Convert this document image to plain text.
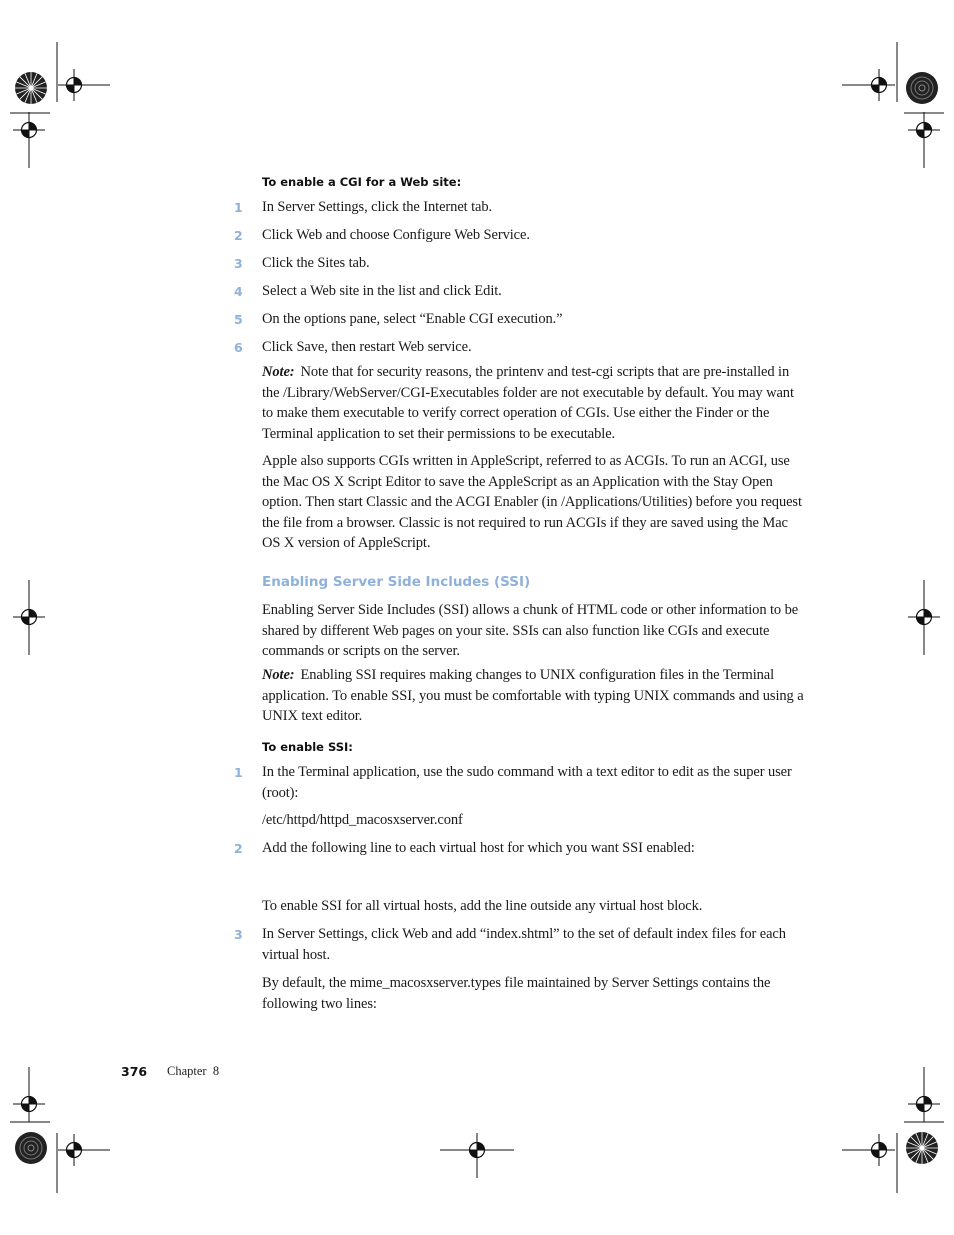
To enable a CGI for a Web site:
1	In Server Settings, click the Internet tab.
2	Click Web and choose Configure Web Service.
3	Click the Sites tab.
4	Select a Web site in the list and click Edit.
5	On the options pane, select “Enable CGI execution.”
6	Click Save, then restart Web service.
Note: Note that for security reasons, the printenv and test-cgi scripts that are pre-installed in the /Library/WebServer/CGI-Executables folder are not executable by default. You may want to make them executable to verify correct operation of CGIs. Use either the Finder or the Terminal application to set their permissions to be executable.
Apple also supports CGIs written in AppleScript, referred to as ACGIs. To run an ACGI, use the Mac OS X Script Editor to save the AppleScript as an Application with the Stay Open option. Then start Classic and the ACGI Enabler (in /Applications/Utilities) before you request the file from a browser. Classic is not required to run ACGIs if they are saved using the Mac OS X version of AppleScript.
Enabling Server Side Includes (SSI)
Enabling Server Side Includes (SSI) allows a chunk of HTML code or other information to be shared by different Web pages on your site. SSIs can also function like CGIs and execute commands or scripts on the server.
Note: Enabling SSI requires making changes to UNIX configuration files in the Terminal application. To enable SSI, you must be comfortable with typing UNIX commands and using a UNIX text editor.
To enable SSI:
1	In the Terminal application, use the sudo command with a text editor to edit as the super user (root):
/etc/httpd/httpd_macosxserver.conf
2	Add the following line to each virtual host for which you want SSI enabled:
To enable SSI for all virtual hosts, add the line outside any virtual host block.
3	In Server Settings, click Web and add “index.shtml” to the set of default index files for each virtual host.
By default, the mime_macosxserver.types file maintained by Server Settings contains the following two lines:
376 Chapter  8
